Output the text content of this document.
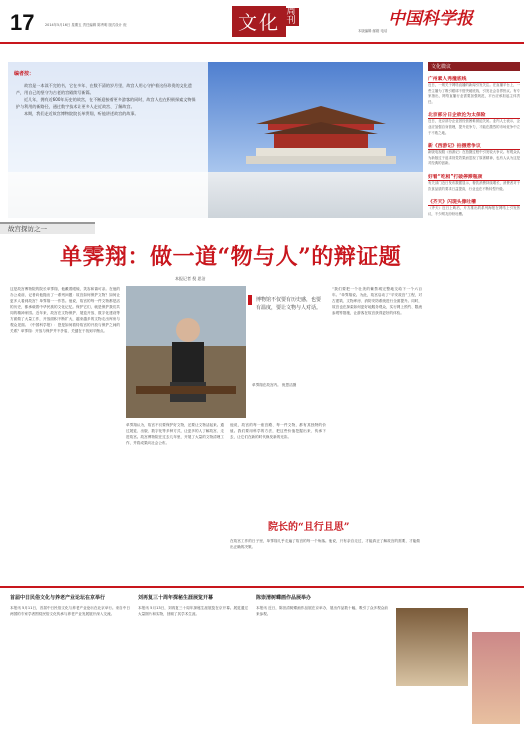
17	2014年5月16日 星期五 责任编辑 陈秀明 版式设计 倪	文化 周刊	中国科学报
本版编辑 邮箱 电话
编者按：

故宫是一本读不完的书，它在多年、在数不清的岁月里，故宫人用心守护着这份珍贵的文化遗产，用自己的坚守为古老的宫殿续写新篇。

近几年，拥有近600年历史的故宫，在不断迎接着更多游客的同时，故宫人也在积极探索文物保护与利用的新路径，通过数字技术让更多人走近故宫、了解故宫。

本期，我们走近故宫博物院院长单霁翔，听他讲述故宫的故事。

故宫探访之一
单霁翔：做一道“物与人”的辩证题
本报记者 倪 思洁
这是故宫博物院的院长单霁翔，他戴着眼镜，笑容和蔼可亲。在他的办公桌前，记者向他抛出了一系列问题：故宫如何保护文物？如何让更多人看到故宫？单霁翔一一作答。他说，故宫的每一件文物都是活的历史，都承载着中华民族的文化记忆。保护它们，就是保护我们共同的精神家园。近年来，故宫在文物保护、展览开放、数字化建设等方面做了大量工作，开放面积不断扩大，越来越多的文物走出库房与观众见面。《中国科学报》：您是如何看待故宫的开放与保护之间的关系？单霁翔：开放与保护并不矛盾，关键在于找到平衡点。
博物馆不仅要有历史感，也要有温度，要让文物与人对话。
单霁翔在故宫内。 倪思洁摄
单霁翔认为，故宫不仅要保护好文物，还要让文物活起来。通过展览、出版、数字化等多种方式，让更多的人了解故宫、走进故宫。故宫博物院在过去几年里，开展了大量的文物清理工作，并将成果向社会公布。
他说，故宫的每一座宫殿、每一件文物，都有其独特的价值。我们要用科学的方法，把这些价值挖掘出来、传承下去，让它们在新的时代焕发新的光彩。
“我们要把一个壮美的紫禁城完整地交给下一个六百年。”单霁翔说。为此，故宫启动了“平安故宫”工程，对古建筑、文物库房、消防安防系统进行全面提升。同时，故宫也在探索如何更好地服务观众，实行网上预约、限流参观等措施，让游客在故宫获得更好的体验。
院长的“且行且思”
在故宫工作的日子里，单霁翔几乎走遍了故宫的每一个角落。他说，只有亲自走过，才能真正了解故宫的需要，才能做出正确的决策。
文化微议
广州素人秀撞底线
近日，一则关于网络直播的新闻引发关注。在直播平台上，一些主播为了吸引眼球不惜突破底线，引发社会各界热议。有专家指出，网络直播行业需要加强规范，平台应承担起主体责任。
北京部分日企欲沦为太保险
近日，北京部分企业因经营困难被迫关闭。业内人士表示，企业应加强自身管理，提升竞争力，才能在激烈的市场竞争中立于不败之地。
新《西游记》拍摄惹争议
新版电视剧《西游记》在拍摄过程中引发较大争议。有观众认为新版过于追求视觉效果而忽视了原著精神，也有人认为这是对经典的创新。
好看“吃相”打破停滞瓶颈
有关部门近日发布数据显示，餐饮消费持续增长，消费者对于饮食品质的要求日益提高，行业也在不断转型升级。
《齐天》闪现头像吐槽
《齐天》近日上映后，片方推出的系列海报在网络上引发热议，不少网友纷纷吐槽。
首届中日民俗文化与养老产业论坛在京举行
本报讯 5月11日，首届中日民俗文化与养老产业论坛在北京举行。来自中日两国的专家学者围绕民俗文化传承与养老产业发展展开深入交流。
刘再复三十周年探秘生涯展览开幕
本报讯 5月13日，刘再复三十周年探秘生涯展览在京开幕。展览通过大量图片和实物，回顾了其学术生涯。
陈崇清树蝶画作品展举办
本报讯 近日，陈崇清树蝶画作品展在京举办，展出作品数十幅，吸引了众多观众前来参观。
